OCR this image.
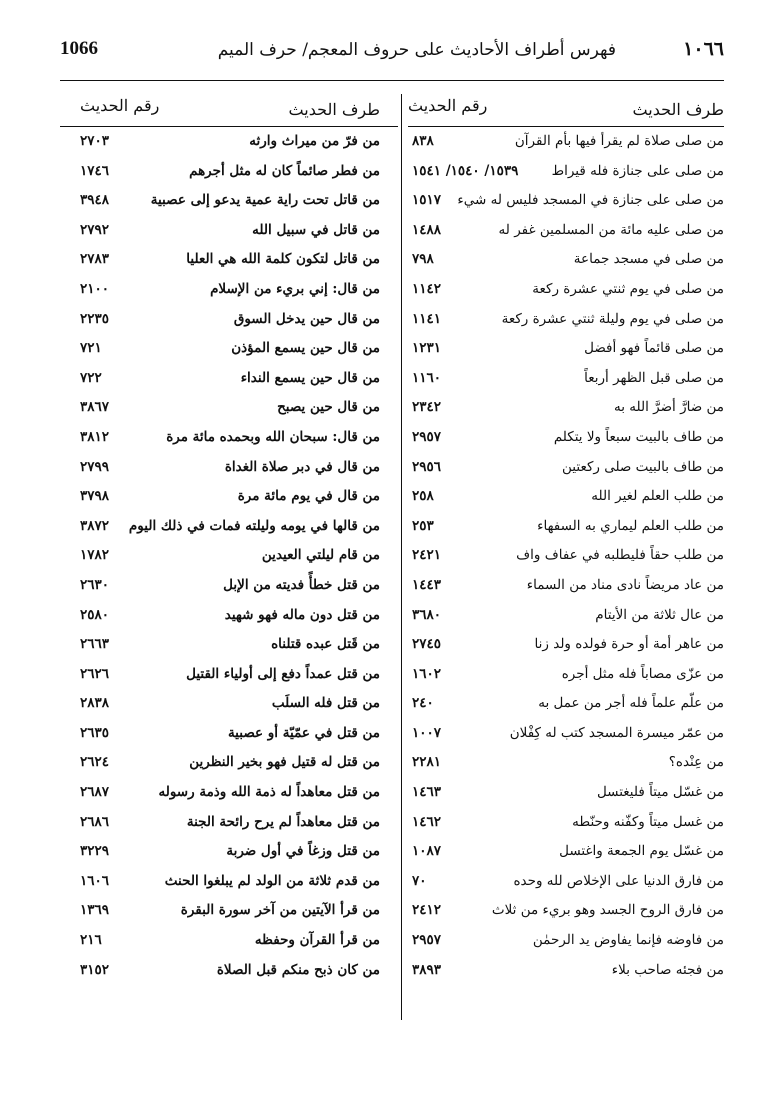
1066	فهرس أطراف الأحاديث على حروف المعجم/ حرف الميم	١٠٦٦
طرف الحديث
رقم الحديث
من صلى صلاة لم يقرأ فيها بأم القرآن
٨٣٨
من صلى على جنازة فله قيراط
١٥٣٩/ ١٥٤٠/ ١٥٤١
من صلى على جنازة في المسجد فليس له شيء
١٥١٧
من صلى عليه مائة من المسلمين غفر له
١٤٨٨
من صلى في مسجد جماعة
٧٩٨
من صلى في يوم ثنتي عشرة ركعة
١١٤٢
من صلى في يوم وليلة ثنتي عشرة ركعة
١١٤١
من صلى قائماً فهو أفضل
١٢٣١
من صلى قبل الظهر أربعاً
١١٦٠
من ضارَّ أضرَّ الله به
٢٣٤٢
من طاف بالبيت سبعاً ولا يتكلم
٢٩٥٧
من طاف بالبيت صلى ركعتين
٢٩٥٦
من طلب العلم لغير الله
٢٥٨
من طلب العلم ليماري به السفهاء
٢٥٣
من طلب حقاً فليطلبه في عفاف واف
٢٤٢١
من عاد مريضاً نادى مناد من السماء
١٤٤٣
من عال ثلاثة من الأيتام
٣٦٨٠
من عاهر أمة أو حرة فولده ولد زنا
٢٧٤٥
من عزّى مصاباً فله مثل أجره
١٦٠٢
من علّم علماً فله أجر من عمل به
٢٤٠
من عمّر ميسرة المسجد كتب له كِفْلان
١٠٠٧
من عِنْده؟
٢٢٨١
من غسّل ميتاً فليغتسل
١٤٦٣
من غسل ميتاً وكفّنه وحنّطه
١٤٦٢
من غسّل يوم الجمعة واغتسل
١٠٨٧
من فارق الدنيا على الإخلاص لله وحده
٧٠
من فارق الروح الجسد وهو بريء من ثلاث
٢٤١٢
من فاوضه فإنما يفاوض يد الرحمٰن
٢٩٥٧
من فجئه صاحب بلاء
٣٨٩٣
طرف الحديث
رقم الحديث
من فرّ من ميراث وارثه
٢٧٠٣
من فطر صائماً كان له مثل أجرهم
١٧٤٦
من قاتل تحت راية عمية يدعو إلى عصبية
٣٩٤٨
من قاتل في سبيل الله
٢٧٩٢
من قاتل لتكون كلمة الله هي العليا
٢٧٨٣
من قال: إني بريء من الإسلام
٢١٠٠
من قال حين يدخل السوق
٢٢٣٥
من قال حين يسمع المؤذن
٧٢١
من قال حين يسمع النداء
٧٢٢
من قال حين يصبح
٣٨٦٧
من قال: سبحان الله وبحمده مائة مرة
٣٨١٢
من قال في دبر صلاة الغداة
٢٧٩٩
من قال في يوم مائة مرة
٣٧٩٨
من قالها في يومه وليلته فمات في ذلك اليوم
٣٨٧٢
من قام ليلتي العيدين
١٧٨٢
من قتل خطأً فديته من الإبل
٢٦٣٠
من قتل دون ماله فهو شهيد
٢٥٨٠
من قَتل عبده قتلناه
٢٦٦٣
من قتل عمداً دفع إلى أولياء القتيل
٢٦٢٦
من قتل فله السلَب
٢٨٣٨
من قتل في عمّيّة أو عصبية
٢٦٣٥
من قتل له قتيل فهو بخير النظرين
٢٦٢٤
من قتل معاهداً له ذمة الله وذمة رسوله
٢٦٨٧
من قتل معاهداً لم يرح رائحة الجنة
٢٦٨٦
من قتل وزغاً في أول ضربة
٣٢٢٩
من قدم ثلاثة من الولد لم يبلغوا الحنث
١٦٠٦
من قرأ الآيتين من آخر سورة البقرة
١٣٦٩
من قرأ القرآن وحفظه
٢١٦
من كان ذبح منكم قبل الصلاة
٣١٥٢
